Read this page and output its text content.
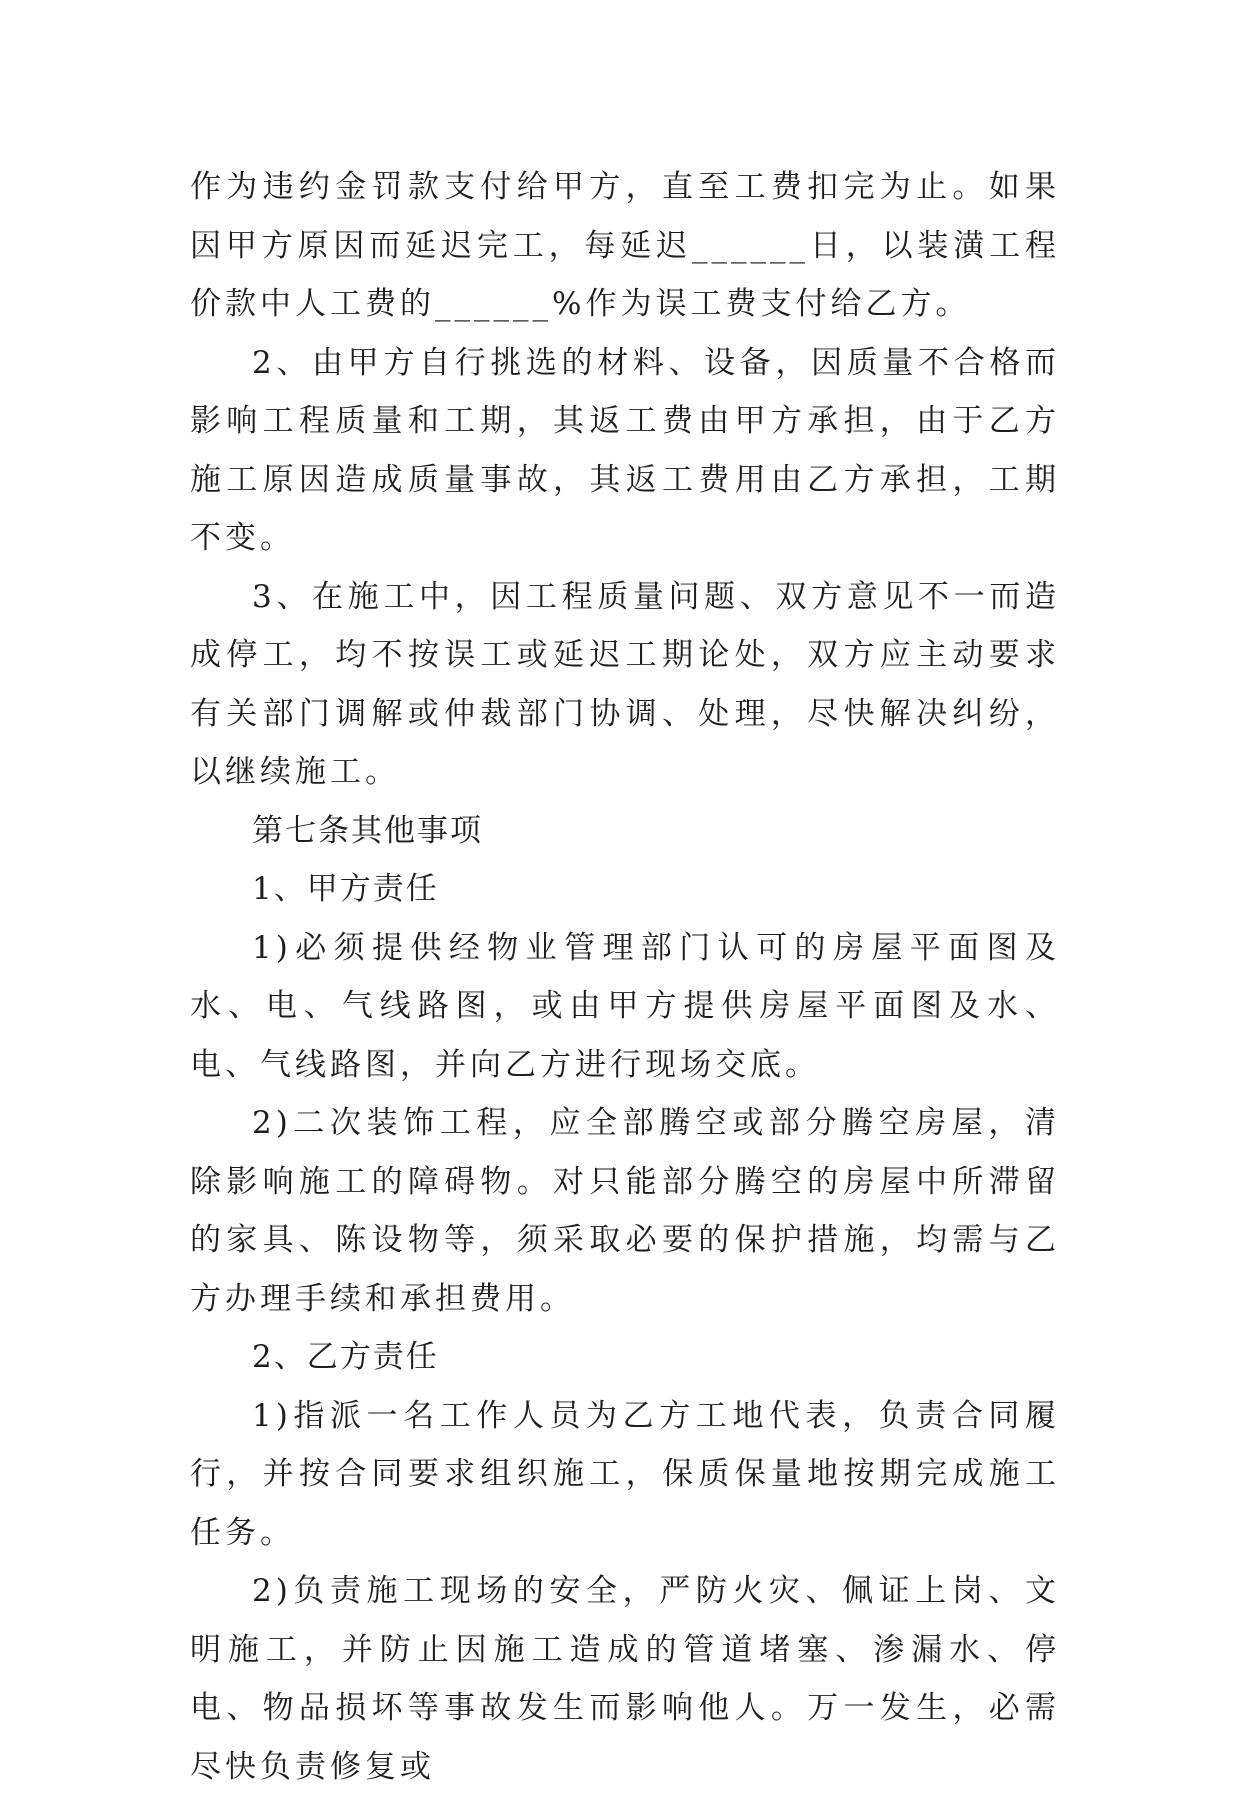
作为违约金罚款支付给甲方，直至工费扣完为止。如果因甲方原因而延迟完工，每延迟______日，以装潢工程价款中人工费的______%作为误工费支付给乙方。

2、由甲方自行挑选的材料、设备，因质量不合格而影响工程质量和工期，其返工费由甲方承担，由于乙方施工原因造成质量事故，其返工费用由乙方承担，工期不变。

3、在施工中，因工程质量问题、双方意见不一而造成停工，均不按误工或延迟工期论处，双方应主动要求有关部门调解或仲裁部门协调、处理，尽快解决纠纷，以继续施工。

第七条其他事项

1、甲方责任

1)必须提供经物业管理部门认可的房屋平面图及水、电、气线路图，或由甲方提供房屋平面图及水、电、气线路图，并向乙方进行现场交底。

2)二次装饰工程，应全部腾空或部分腾空房屋，清除影响施工的障碍物。对只能部分腾空的房屋中所滞留的家具、陈设物等，须采取必要的保护措施，均需与乙方办理手续和承担费用。

2、乙方责任

1)指派一名工作人员为乙方工地代表，负责合同履行，并按合同要求组织施工，保质保量地按期完成施工任务。

2)负责施工现场的安全，严防火灾、佩证上岗、文明施工，并防止因施工造成的管道堵塞、渗漏水、停电、物品损坏等事故发生而影响他人。万一发生，必需尽快负责修复或
